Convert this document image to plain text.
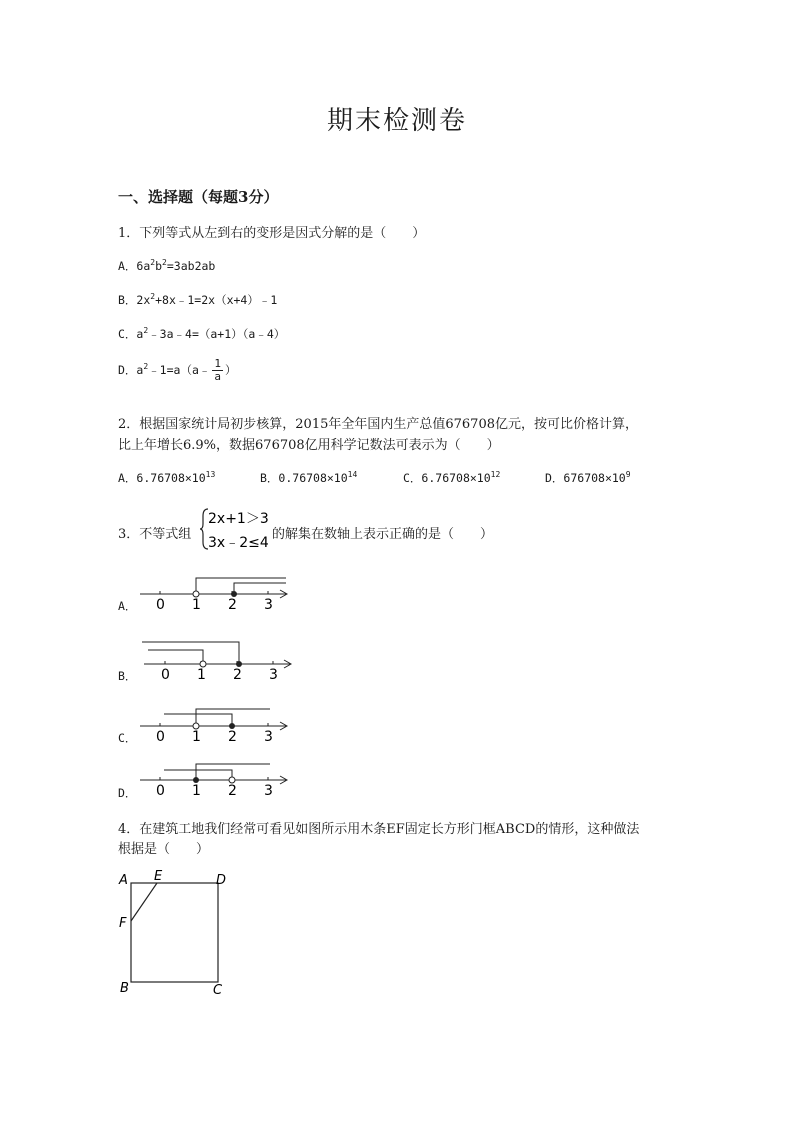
期末检测卷
一、选择题（每题3分）
1．下列等式从左到右的变形是因式分解的是（　　）
A．$6a^2b^2=3ab2ab$
B．$2x^2+8x﹣1=2x(x+4)﹣1$
C．$a^2﹣3a﹣4=(a+1)(a﹣4)$
D．$a^2﹣1=a(a﹣ \frac{1}{a}$ ）
2．根据国家统计局初步核算，2015年全年国内生产总值676708亿元，按可比价格计算，
比上年增长6.9%，数据676708亿用科学记数法可表示为（　　）
A．$6.76708\times 10^{13}$	B．$0.76708\times 10^{14}$	C．$6.76708\times 10^{12}$	D．$676708\times 10^9$
3．不等式组
2x+1＞3
3x﹣2≤4
的解集在数轴上表示正确的是（　　）
A． 0 1 2 3
B． 0 1 2 3
C． 0 1 2 3
D． 0 1 2 3
4．在建筑工地我们经常可看见如图所示用木条EF固定长方形门框ABCD的情形，这种做法
根据是（　　）
A E	D
F
B	C
